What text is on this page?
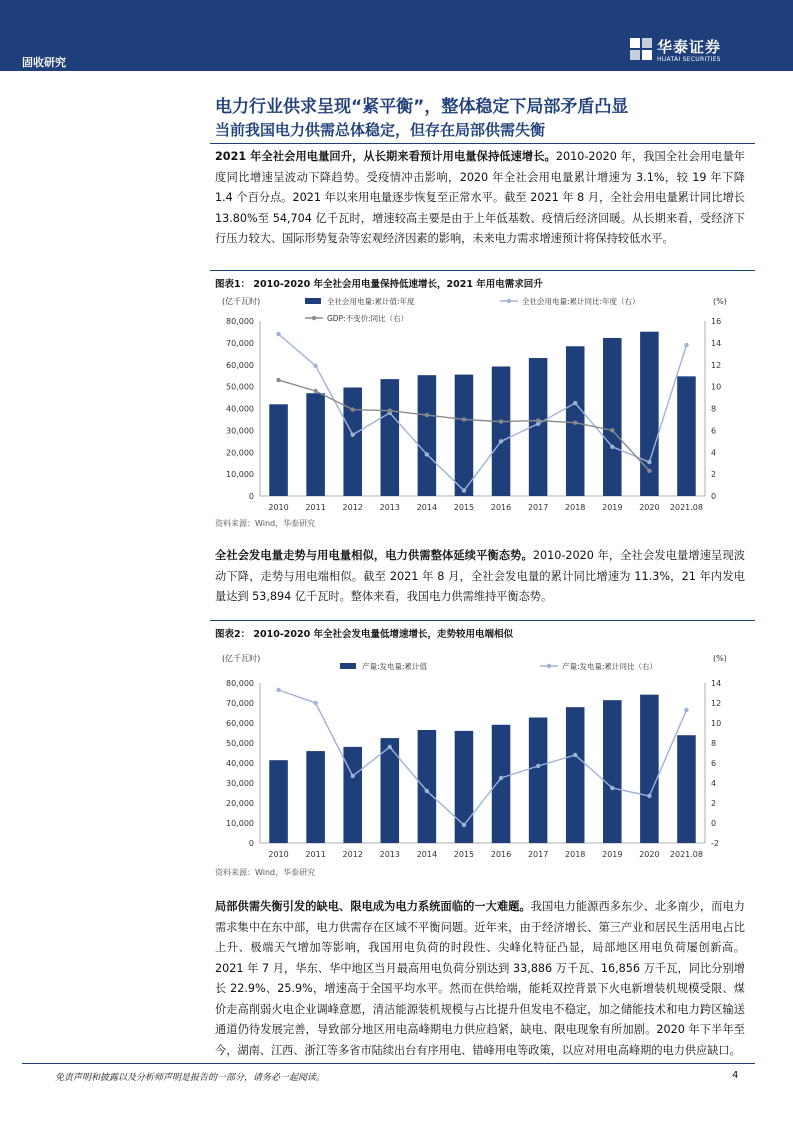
固收研究
华泰证券
HUATAI SECURITIES
电力行业供求呈现“紧平衡”，整体稳定下局部矛盾凸显
当前我国电力供需总体稳定，但存在局部供需失衡
2021 年全社会用电量回升，从长期来看预计用电量保持低速增长。2010-2020 年，我国全社会用电量年度同比增速呈波动下降趋势。受疫情冲击影响，2020 年全社会用电量累计增速为 3.1%，较 19 年下降 1.4 个百分点。2021 年以来用电量逐步恢复至正常水平。截至 2021 年 8 月，全社会用电量累计同比增长 13.80%至 54,704 亿千瓦时，增速较高主要是由于上年低基数、疫情后经济回暖。从长期来看，受经济下行压力较大、国际形势复杂等宏观经济因素的影响，未来电力需求增速预计将保持较低水平。
图表1： 2010-2020 年全社会用电量保持低速增长，2021 年用电需求回升
(亿千瓦时)	(%)
0
10,000
20,000
30,000
40,000
50,000
60,000
70,000
80,000
0
2
4
6
8
10
12
14
16
2010 2011 2012 2013 2014 2015 2016 2017 2018 2019 2020 2021.08
全社会用电量:累计值:年度	全社会用电量:累计同比:年度（右）
GDP:不变价:同比（右）
资料来源：Wind，华泰研究
全社会发电量走势与用电量相似，电力供需整体延续平衡态势。2010-2020 年，全社会发电量增速呈现波动下降，走势与用电端相似。截至 2021 年 8 月，全社会发电量的累计同比增速为 11.3%，21 年内发电量达到 53,894 亿千瓦时。整体来看，我国电力供需维持平衡态势。
图表2： 2010-2020 年全社会发电量低增速增长，走势较用电端相似
(亿千瓦时)	(%)
0
10,000
20,000
30,000
40,000
50,000
60,000
70,000
80,000
-2
0
2
4
6
8
10
12
14
2010 2011 2012 2013 2014 2015 2016 2017 2018 2019 2020 2021.08
产量:发电量:累计值	产量:发电量:累计同比（右）
资料来源：Wind，华泰研究
局部供需失衡引发的缺电、限电成为电力系统面临的一大难题。我国电力能源西多东少、北多南少，而电力需求集中在东中部，电力供需存在区域不平衡问题。近年来，由于经济增长、第三产业和居民生活用电占比上升、极端天气增加等影响，我国用电负荷的时段性、尖峰化特征凸显，局部地区用电负荷屡创新高。2021 年 7 月，华东、华中地区当月最高用电负荷分别达到 33,886 万千瓦、16,856 万千瓦，同比分别增长 22.9%、25.9%，增速高于全国平均水平。然而在供给端，能耗双控背景下火电新增装机规模受限、煤价走高削弱火电企业调峰意愿，清洁能源装机规模与占比提升但发电不稳定，加之储能技术和电力跨区输送通道仍待发展完善，导致部分地区用电高峰期电力供应趋紧，缺电、限电现象有所加剧。2020 年下半年至今，湖南、江西、浙江等多省市陆续出台有序用电、错峰用电等政策，以应对用电高峰期的电力供应缺口。
免责声明和披露以及分析师声明是报告的一部分，请务必一起阅读。	4
